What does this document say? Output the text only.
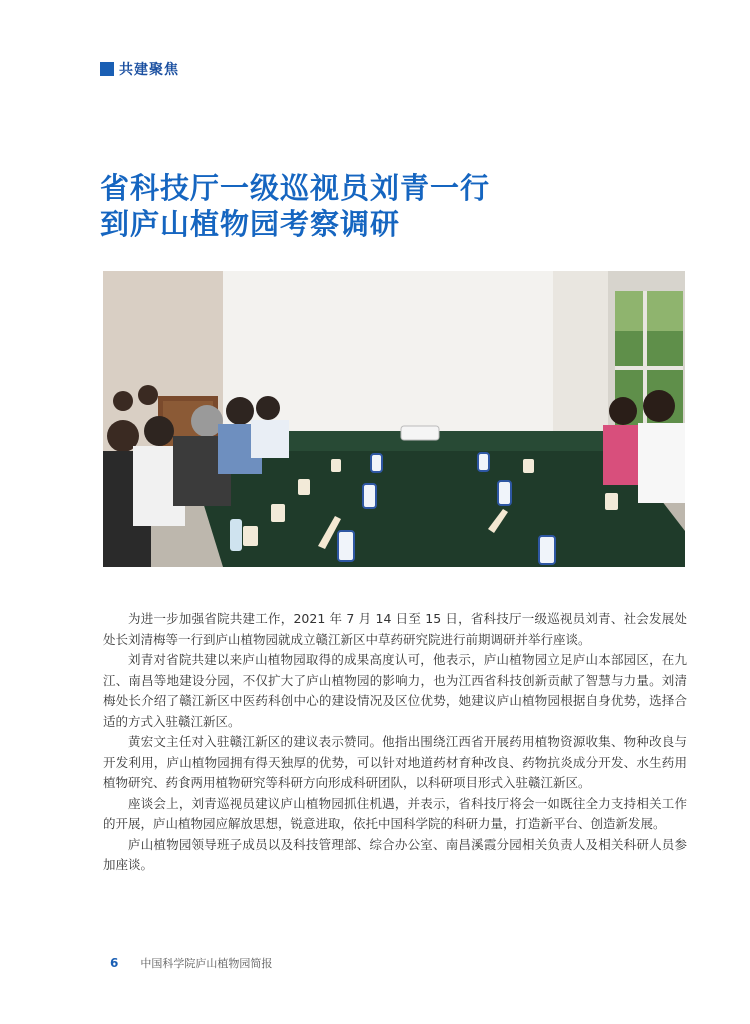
共建聚焦
省科技厅一级巡视员刘青一行
到庐山植物园考察调研

为进一步加强省院共建工作，2021 年 7 月 14 日至 15 日，省科技厅一级巡视员刘青、社会发展处处长刘清梅等一行到庐山植物园就成立赣江新区中草药研究院进行前期调研并举行座谈。

刘青对省院共建以来庐山植物园取得的成果高度认可，他表示，庐山植物园立足庐山本部园区，在九江、南昌等地建设分园，不仅扩大了庐山植物园的影响力，也为江西省科技创新贡献了智慧与力量。刘清梅处长介绍了赣江新区中医药科创中心的建设情况及区位优势，她建议庐山植物园根据自身优势，选择合适的方式入驻赣江新区。

黄宏文主任对入驻赣江新区的建议表示赞同。他指出围绕江西省开展药用植物资源收集、物种改良与开发利用，庐山植物园拥有得天独厚的优势，可以针对地道药材育种改良、药物抗炎成分开发、水生药用植物研究、药食两用植物研究等科研方向形成科研团队，以科研项目形式入驻赣江新区。

座谈会上，刘青巡视员建议庐山植物园抓住机遇，并表示，省科技厅将会一如既往全力支持相关工作的开展，庐山植物园应解放思想，锐意进取，依托中国科学院的科研力量，打造新平台、创造新发展。

庐山植物园领导班子成员以及科技管理部、综合办公室、南昌溪霞分园相关负责人及相关科研人员参加座谈。

6 中国科学院庐山植物园简报
